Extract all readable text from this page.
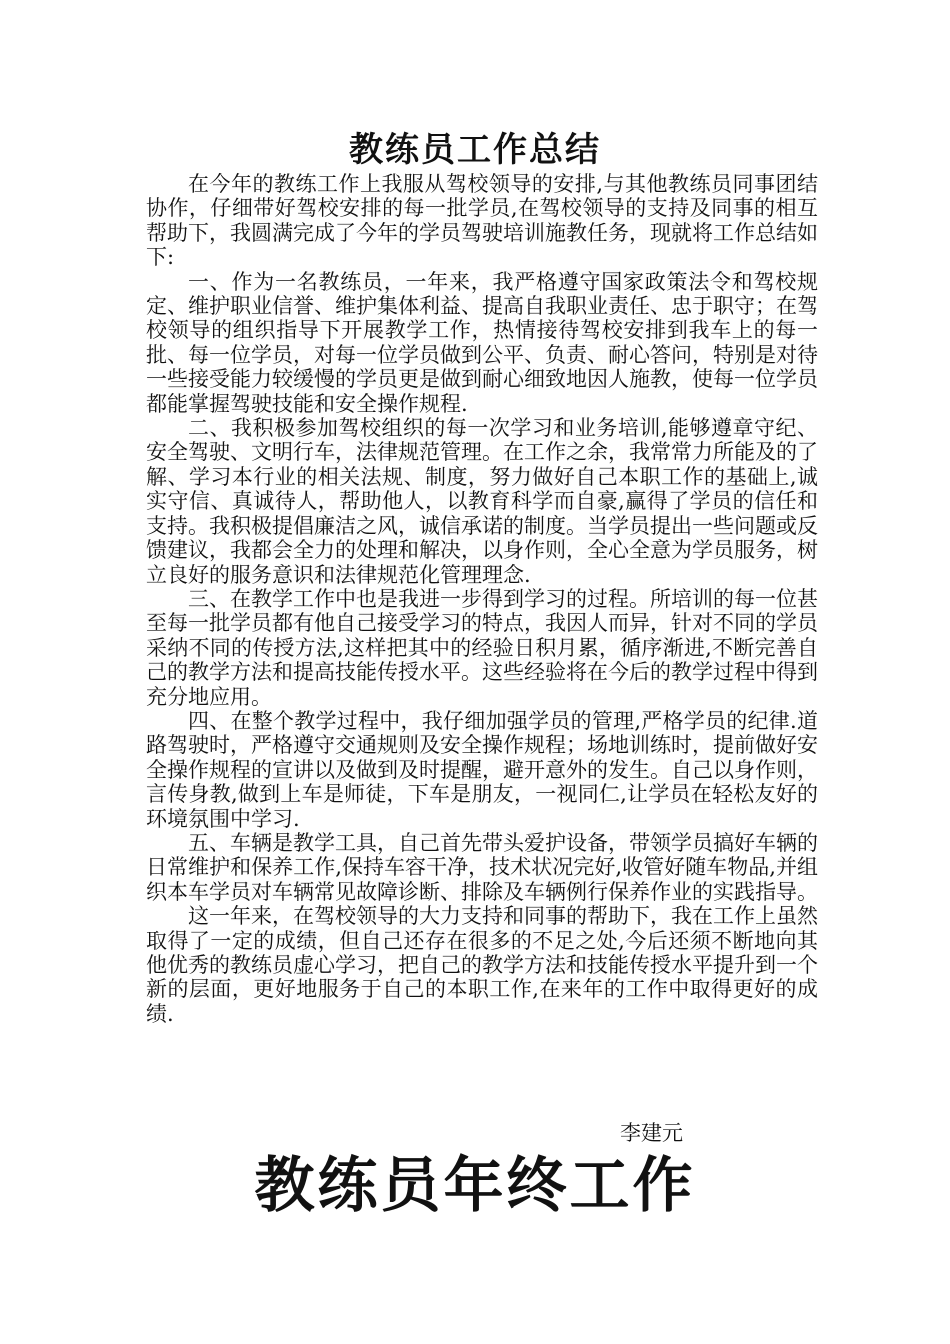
教练员工作总结

在今年的教练工作上我服从驾校领导的安排,与其他教练员同事团结协作，仔细带好驾校安排的每一批学员,在驾校领导的支持及同事的相互帮助下，我圆满完成了今年的学员驾驶培训施教任务，现就将工作总结如下:

一、作为一名教练员，一年来，我严格遵守国家政策法令和驾校规定、维护职业信誉、维护集体利益、提高自我职业责任、忠于职守；在驾校领导的组织指导下开展教学工作，热情接待驾校安排到我车上的每一批、每一位学员，对每一位学员做到公平、负责、耐心答问，特别是对待一些接受能力较缓慢的学员更是做到耐心细致地因人施教，使每一位学员都能掌握驾驶技能和安全操作规程.

二、我积极参加驾校组织的每一次学习和业务培训,能够遵章守纪、安全驾驶、文明行车，法律规范管理。在工作之余，我常常力所能及的了解、学习本行业的相关法规、制度，努力做好自己本职工作的基础上,诚实守信、真诚待人，帮助他人，以教育科学而自豪,赢得了学员的信任和支持。我积极提倡廉洁之风，诚信承诺的制度。当学员提出一些问题或反馈建议，我都会全力的处理和解决，以身作则，全心全意为学员服务，树立良好的服务意识和法律规范化管理理念.

三、在教学工作中也是我进一步得到学习的过程。所培训的每一位甚至每一批学员都有他自己接受学习的特点，我因人而异，针对不同的学员采纳不同的传授方法,这样把其中的经验日积月累，循序渐进,不断完善自己的教学方法和提高技能传授水平。这些经验将在今后的教学过程中得到充分地应用。

四、在整个教学过程中，我仔细加强学员的管理,严格学员的纪律.道路驾驶时，严格遵守交通规则及安全操作规程；场地训练时，提前做好安全操作规程的宣讲以及做到及时提醒，避开意外的发生。自己以身作则，言传身教,做到上车是师徒，下车是朋友，一视同仁,让学员在轻松友好的环境氛围中学习.

五、车辆是教学工具，自己首先带头爱护设备，带领学员搞好车辆的日常维护和保养工作,保持车容干净，技术状况完好,收管好随车物品,并组织本车学员对车辆常见故障诊断、排除及车辆例行保养作业的实践指导。

这一年来，在驾校领导的大力支持和同事的帮助下，我在工作上虽然取得了一定的成绩，但自己还存在很多的不足之处,今后还须不断地向其他优秀的教练员虚心学习，把自己的教学方法和技能传授水平提升到一个新的层面，更好地服务于自己的本职工作,在来年的工作中取得更好的成绩.

李建元
教练员年终工作
